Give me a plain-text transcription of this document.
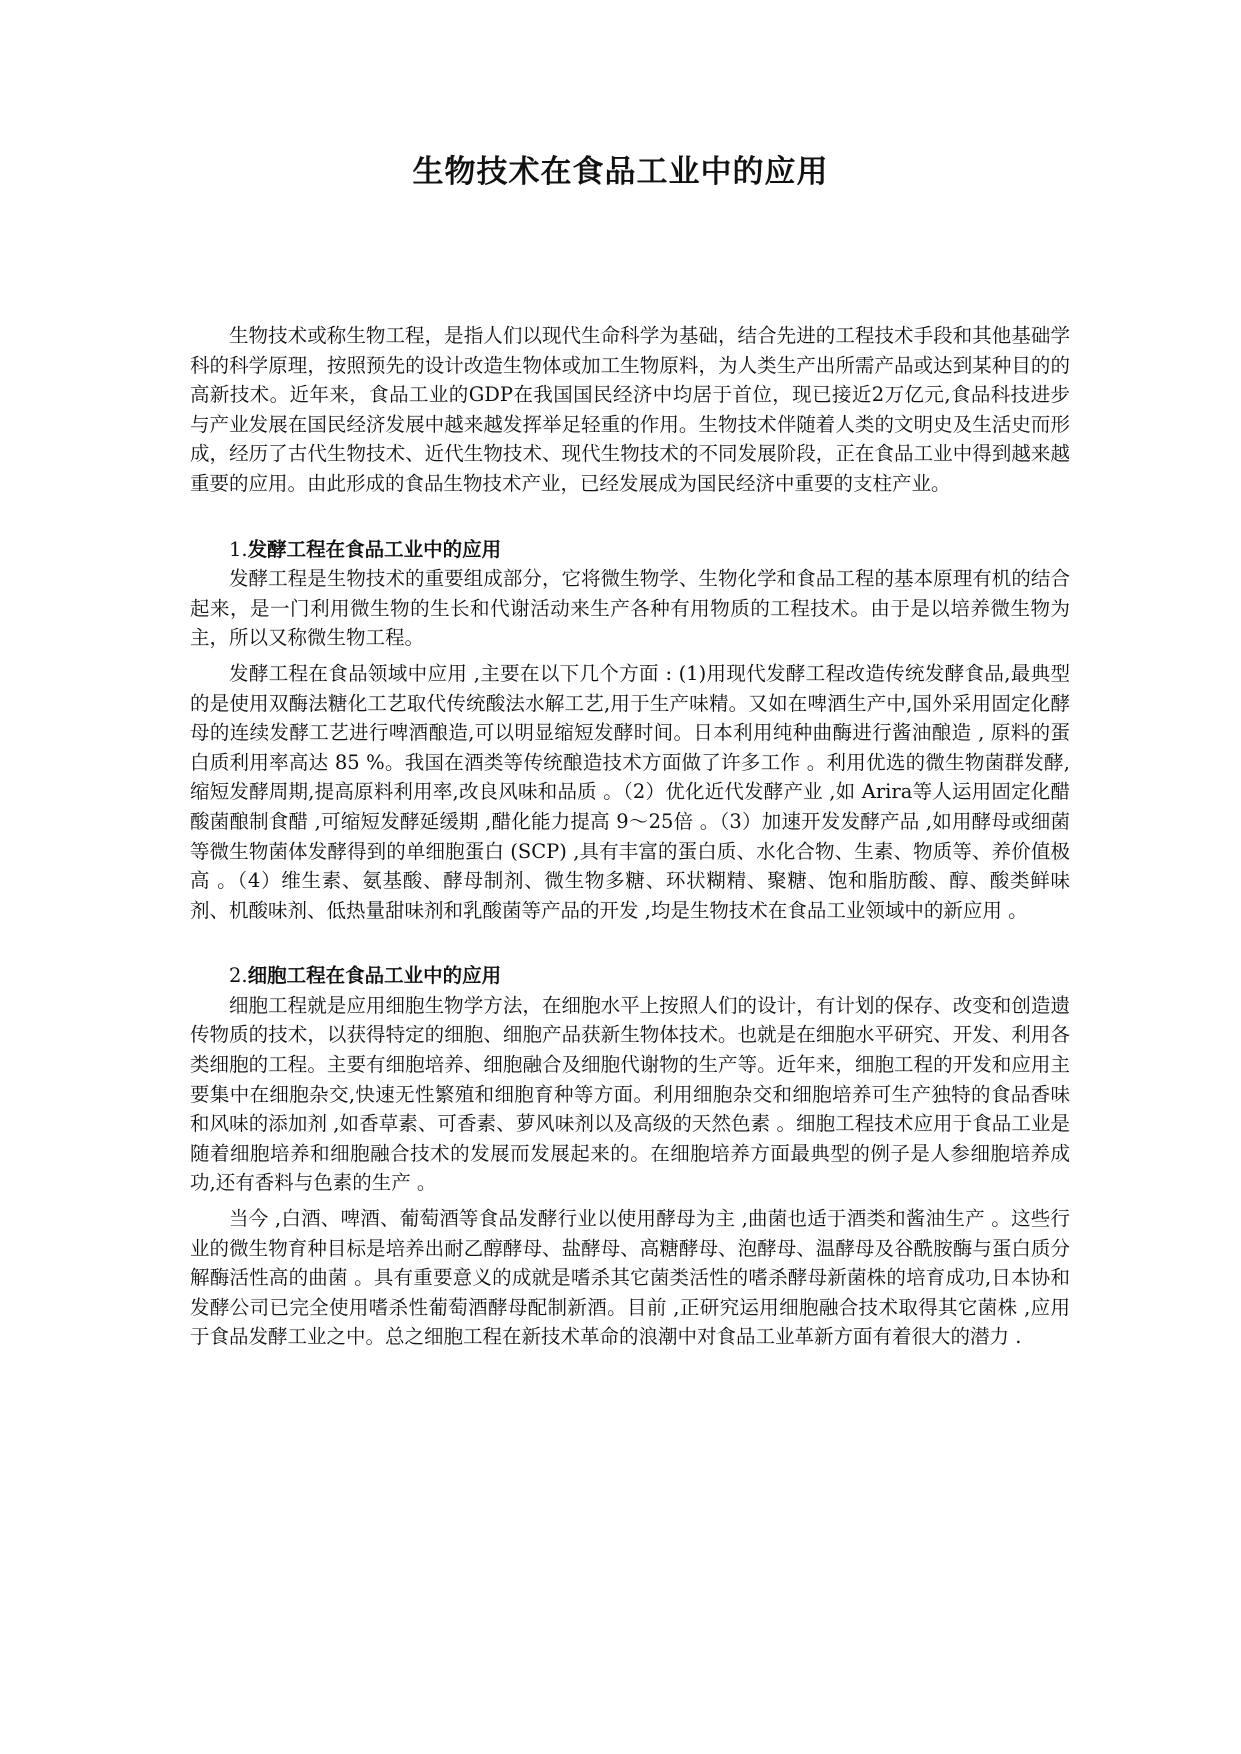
生物技术在食品工业中的应用

生物技术或称生物工程，是指人们以现代生命科学为基础，结合先进的工程技术手段和其他基础学科的科学原理，按照预先的设计改造生物体或加工生物原料，为人类生产出所需产品或达到某种目的的高新技术。近年来，食品工业的GDP在我国国民经济中均居于首位，现已接近2万亿元,食品科技进步与产业发展在国民经济发展中越来越发挥举足轻重的作用。生物技术伴随着人类的文明史及生活史而形成，经历了古代生物技术、近代生物技术、现代生物技术的不同发展阶段，正在食品工业中得到越来越重要的应用。由此形成的食品生物技术产业，已经发展成为国民经济中重要的支柱产业。

1.发酵工程在食品工业中的应用

发酵工程是生物技术的重要组成部分，它将微生物学、生物化学和食品工程的基本原理有机的结合起来，是一门利用微生物的生长和代谢活动来生产各种有用物质的工程技术。由于是以培养微生物为主，所以又称微生物工程。

发酵工程在食品领域中应用 ,主要在以下几个方面 : (1)用现代发酵工程改造传统发酵食品,最典型的是使用双酶法糖化工艺取代传统酸法水解工艺,用于生产味精。又如在啤酒生产中,国外采用固定化酵母的连续发酵工艺进行啤酒酿造,可以明显缩短发酵时间。日本利用纯种曲酶进行酱油酿造 , 原料的蛋白质利用率高达 85 %。我国在酒类等传统酿造技术方面做了许多工作 。利用优选的微生物菌群发酵,缩短发酵周期,提高原料利用率,改良风味和品质 。（2）优化近代发酵产业 ,如 Arira等人运用固定化醋酸菌酿制食醋 ,可缩短发酵延缓期 ,醋化能力提高 9～25倍 。（3）加速开发发酵产品 ,如用酵母或细菌等微生物菌体发酵得到的单细胞蛋白 (SCP) ,具有丰富的蛋白质、水化合物、生素、物质等、养价值极高 。（4）维生素、氨基酸、酵母制剂、微生物多糖、环状糊精、聚糖、饱和脂肪酸、醇、酸类鲜味剂、机酸味剂、低热量甜味剂和乳酸菌等产品的开发 ,均是生物技术在食品工业领域中的新应用 。

2.细胞工程在食品工业中的应用

细胞工程就是应用细胞生物学方法，在细胞水平上按照人们的设计，有计划的保存、改变和创造遗传物质的技术，以获得特定的细胞、细胞产品获新生物体技术。也就是在细胞水平研究、开发、利用各类细胞的工程。主要有细胞培养、细胞融合及细胞代谢物的生产等。近年来，细胞工程的开发和应用主要集中在细胞杂交,快速无性繁殖和细胞育种等方面。利用细胞杂交和细胞培养可生产独特的食品香味和风味的添加剂 ,如香草素、可香素、萝风味剂以及高级的天然色素 。细胞工程技术应用于食品工业是随着细胞培养和细胞融合技术的发展而发展起来的。在细胞培养方面最典型的例子是人参细胞培养成功,还有香料与色素的生产 。

当今 ,白酒、啤酒、葡萄酒等食品发酵行业以使用酵母为主 ,曲菌也适于酒类和酱油生产 。这些行业的微生物育种目标是培养出耐乙醇酵母、盐酵母、高糖酵母、泡酵母、温酵母及谷酰胺酶与蛋白质分解酶活性高的曲菌 。具有重要意义的成就是嗜杀其它菌类活性的嗜杀酵母新菌株的培育成功,日本协和发酵公司已完全使用嗜杀性葡萄酒酵母配制新酒。目前 ,正研究运用细胞融合技术取得其它菌株 ,应用于食品发酵工业之中。总之细胞工程在新技术革命的浪潮中对食品工业革新方面有着很大的潜力 .
